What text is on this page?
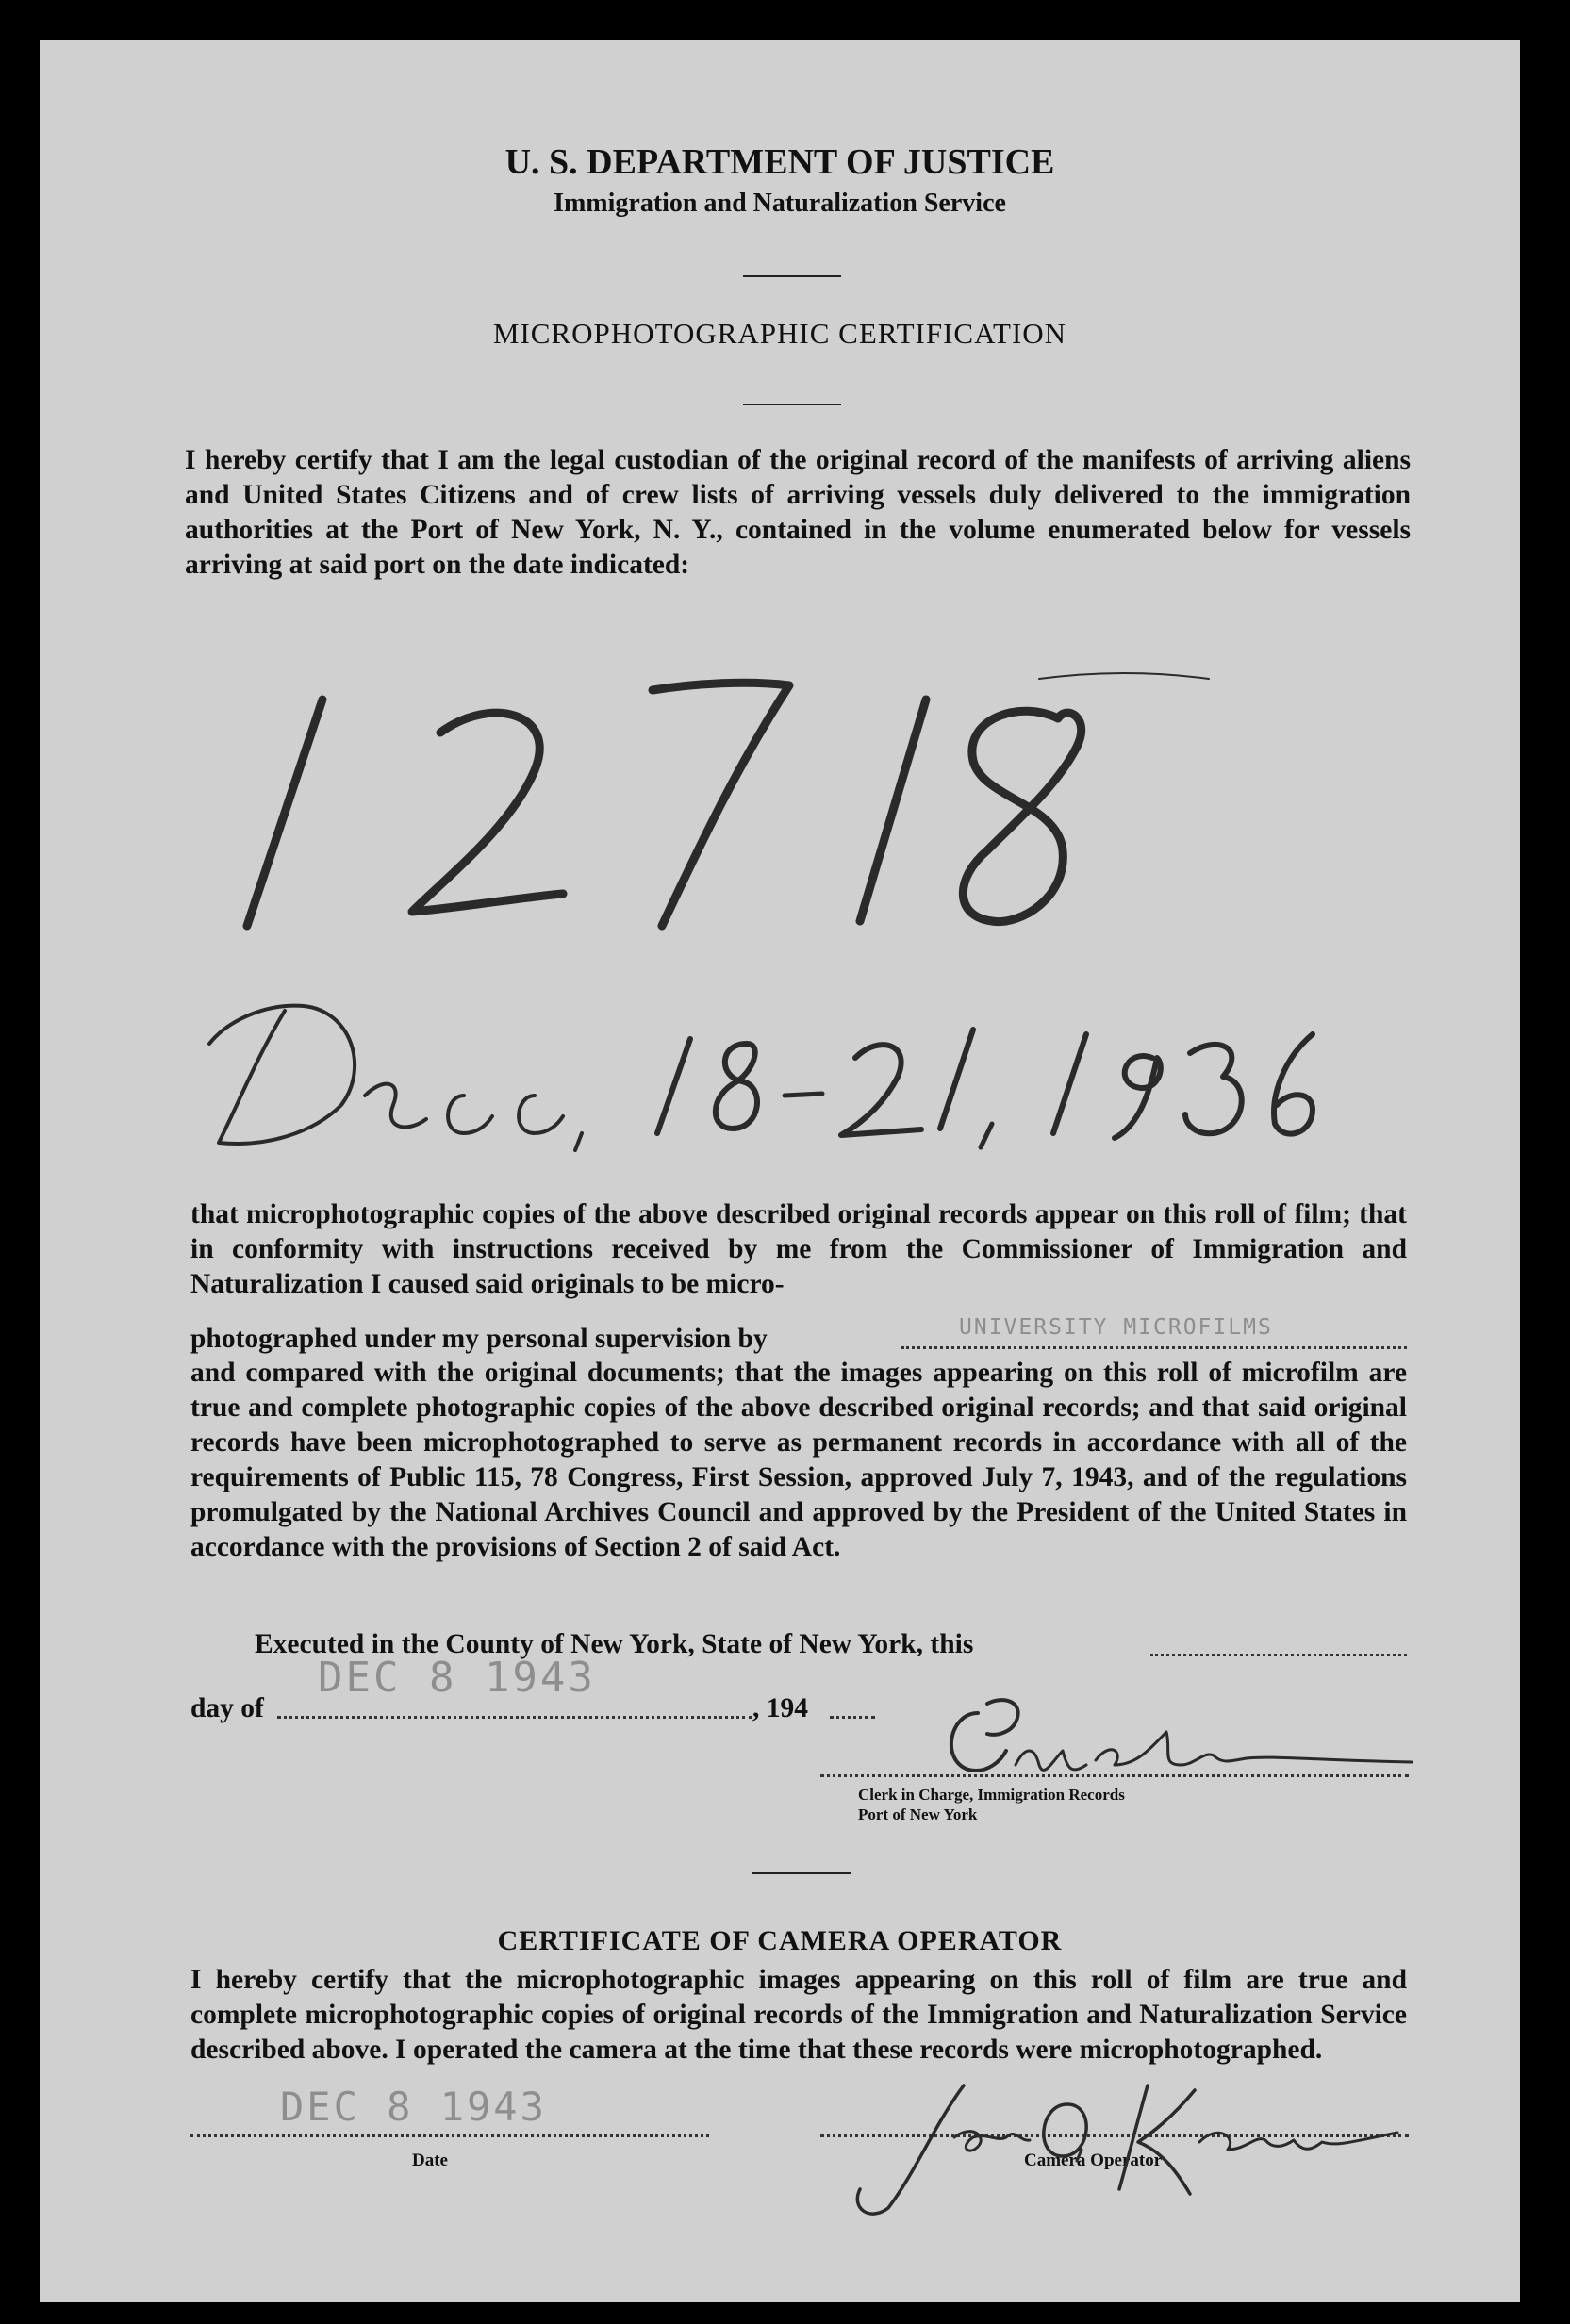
U. S. DEPARTMENT OF JUSTICE
Immigration and Naturalization Service
MICROPHOTOGRAPHIC CERTIFICATION
I hereby certify that I am the legal custodian of the original record of the manifests of arriving aliens and United States Citizens and of crew lists of arriving vessels duly delivered to the immigration authorities at the Port of New York, N. Y., contained in the volume enumerated below for vessels arriving at said port on the date indicated:
that microphotographic copies of the above described original records appear on this roll of film; that in conformity with instructions received by me from the Commissioner of Immigration and Naturalization I caused said originals to be micro-
photographed under my personal supervision by	UNIVERSITY MICROFILMS
and compared with the original documents; that the images appearing on this roll of microfilm are true and complete photographic copies of the above described original records; and that said original records have been microphotographed to serve as permanent records in accordance with all of the requirements of Public 115, 78 Congress, First Session, approved July 7, 1943, and of the regulations promulgated by the National Archives Council and approved by the President of the United States in accordance with the provisions of Section 2 of said Act.
Executed in the County of New York, State of New York, this
day of
DEC 8 1943
, 194
Clerk in Charge, Immigration Records
Port of New York
CERTIFICATE OF CAMERA OPERATOR
I hereby certify that the microphotographic images appearing on this roll of film are true and complete microphotographic copies of original records of the Immigration and Naturalization Service described above. I operated the camera at the time that these records were microphotographed.
DEC 8 1943
Date	Camera Operator
